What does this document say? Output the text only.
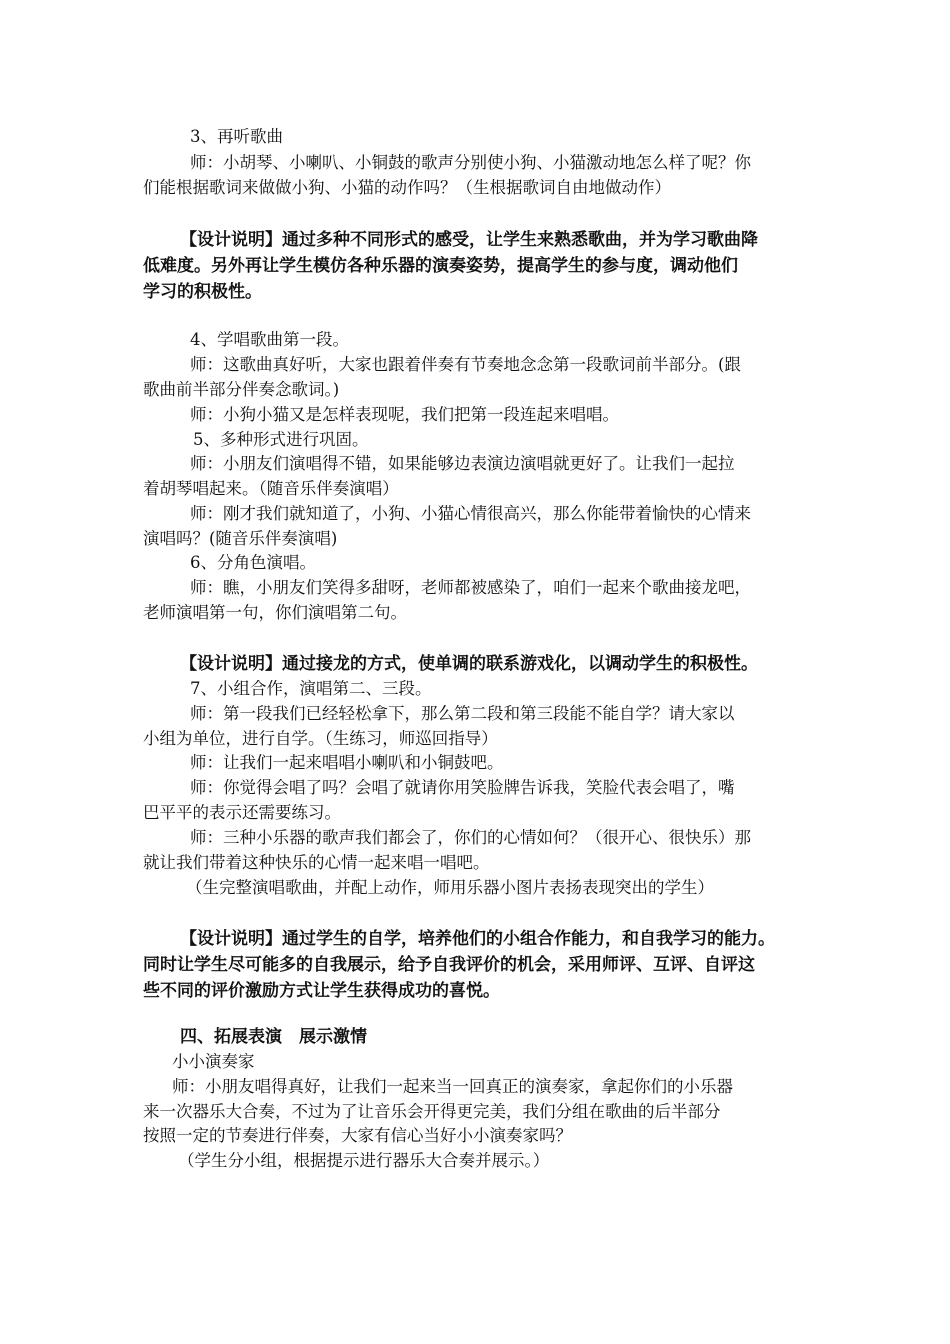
3、再听歌曲
师：小胡琴、小喇叭、小铜鼓的歌声分别使小狗、小猫激动地怎么样了呢？你
们能根据歌词来做做小狗、小猫的动作吗？（生根据歌词自由地做动作）
【设计说明】通过多种不同形式的感受，让学生来熟悉歌曲，并为学习歌曲降
低难度。另外再让学生模仿各种乐器的演奏姿势，提高学生的参与度，调动他们
学习的积极性。
4、学唱歌曲第一段。
师：这歌曲真好听，大家也跟着伴奏有节奏地念念第一段歌词前半部分。(跟
歌曲前半部分伴奏念歌词。)
师：小狗小猫又是怎样表现呢，我们把第一段连起来唱唱。
5、多种形式进行巩固。
师：小朋友们演唱得不错，如果能够边表演边演唱就更好了。让我们一起拉
着胡琴唱起来。（随音乐伴奏演唱）
师：刚才我们就知道了，小狗、小猫心情很高兴，那么你能带着愉快的心情来
演唱吗？(随音乐伴奏演唱)
6、分角色演唱。
师：瞧，小朋友们笑得多甜呀，老师都被感染了，咱们一起来个歌曲接龙吧，
老师演唱第一句，你们演唱第二句。
【设计说明】通过接龙的方式，使单调的联系游戏化，以调动学生的积极性。
7、小组合作，演唱第二、三段。
师：第一段我们已经轻松拿下，那么第二段和第三段能不能自学？请大家以
小组为单位，进行自学。（生练习，师巡回指导）
师：让我们一起来唱唱小喇叭和小铜鼓吧。
师：你觉得会唱了吗？会唱了就请你用笑脸牌告诉我，笑脸代表会唱了，嘴
巴平平的表示还需要练习。
师：三种小乐器的歌声我们都会了，你们的心情如何？（很开心、很快乐）那
就让我们带着这种快乐的心情一起来唱一唱吧。
（生完整演唱歌曲，并配上动作，师用乐器小图片表扬表现突出的学生）
【设计说明】通过学生的自学，培养他们的小组合作能力，和自我学习的能力。
同时让学生尽可能多的自我展示，给予自我评价的机会，采用师评、互评、自评这
些不同的评价激励方式让学生获得成功的喜悦。
四、拓展表演　展示激情
小小演奏家
师：小朋友唱得真好，让我们一起来当一回真正的演奏家，拿起你们的小乐器
来一次器乐大合奏，不过为了让音乐会开得更完美，我们分组在歌曲的后半部分
按照一定的节奏进行伴奏，大家有信心当好小小演奏家吗？
（学生分小组，根据提示进行器乐大合奏并展示。）
